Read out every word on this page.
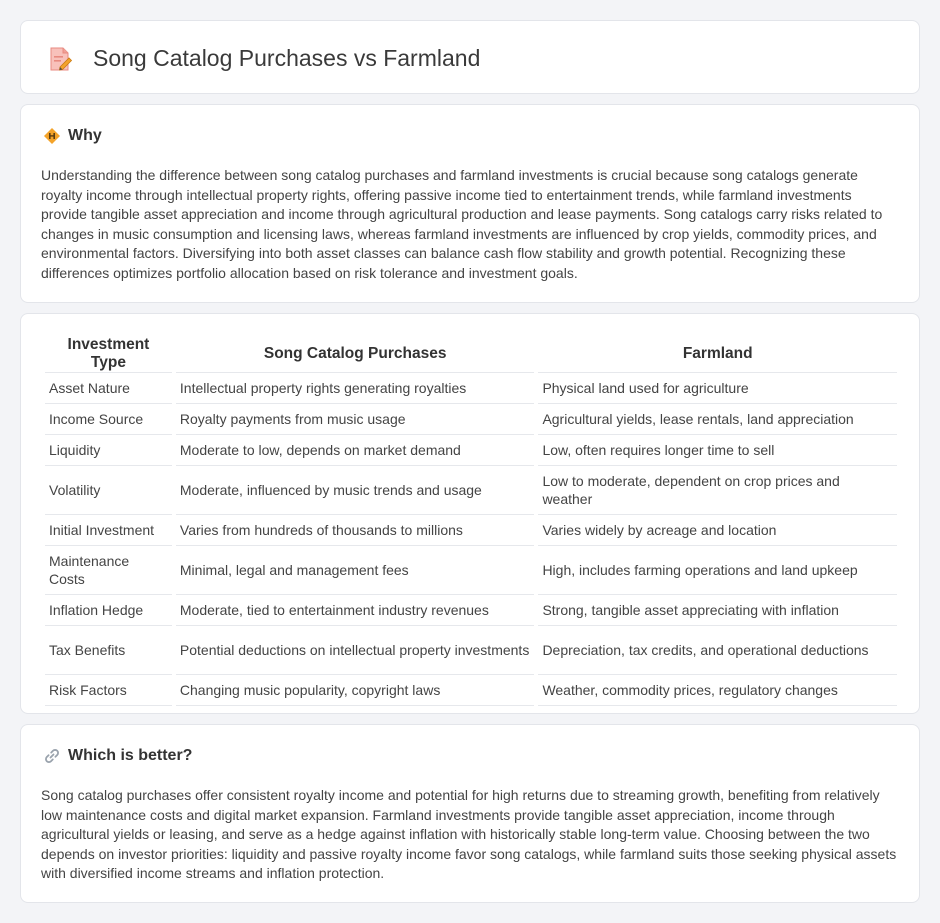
Song Catalog Purchases vs Farmland
Why

Understanding the difference between song catalog purchases and farmland investments is crucial because song catalogs generate royalty income through intellectual property rights, offering passive income tied to entertainment trends, while farmland investments provide tangible asset appreciation and income through agricultural production and lease payments. Song catalogs carry risks related to changes in music consumption and licensing laws, whereas farmland investments are influenced by crop yields, commodity prices, and environmental factors. Diversifying into both asset classes can balance cash flow stability and growth potential. Recognizing these differences optimizes portfolio allocation based on risk tolerance and investment goals.

Investment Type	Song Catalog Purchases	Farmland
Asset Nature	Intellectual property rights generating royalties	Physical land used for agriculture
Income Source	Royalty payments from music usage	Agricultural yields, lease rentals, land appreciation
Liquidity	Moderate to low, depends on market demand	Low, often requires longer time to sell
Volatility	Moderate, influenced by music trends and usage	Low to moderate, dependent on crop prices and weather
Initial Investment	Varies from hundreds of thousands to millions	Varies widely by acreage and location
Maintenance Costs	Minimal, legal and management fees	High, includes farming operations and land upkeep
Inflation Hedge	Moderate, tied to entertainment industry revenues	Strong, tangible asset appreciating with inflation
Tax Benefits	Potential deductions on intellectual property investments	Depreciation, tax credits, and operational deductions
Risk Factors	Changing music popularity, copyright laws	Weather, commodity prices, regulatory changes
Which is better?

Song catalog purchases offer consistent royalty income and potential for high returns due to streaming growth, benefiting from relatively low maintenance costs and digital market expansion. Farmland investments provide tangible asset appreciation, income through agricultural yields or leasing, and serve as a hedge against inflation with historically stable long-term value. Choosing between the two depends on investor priorities: liquidity and passive royalty income favor song catalogs, while farmland suits those seeking physical assets with diversified income streams and inflation protection.
